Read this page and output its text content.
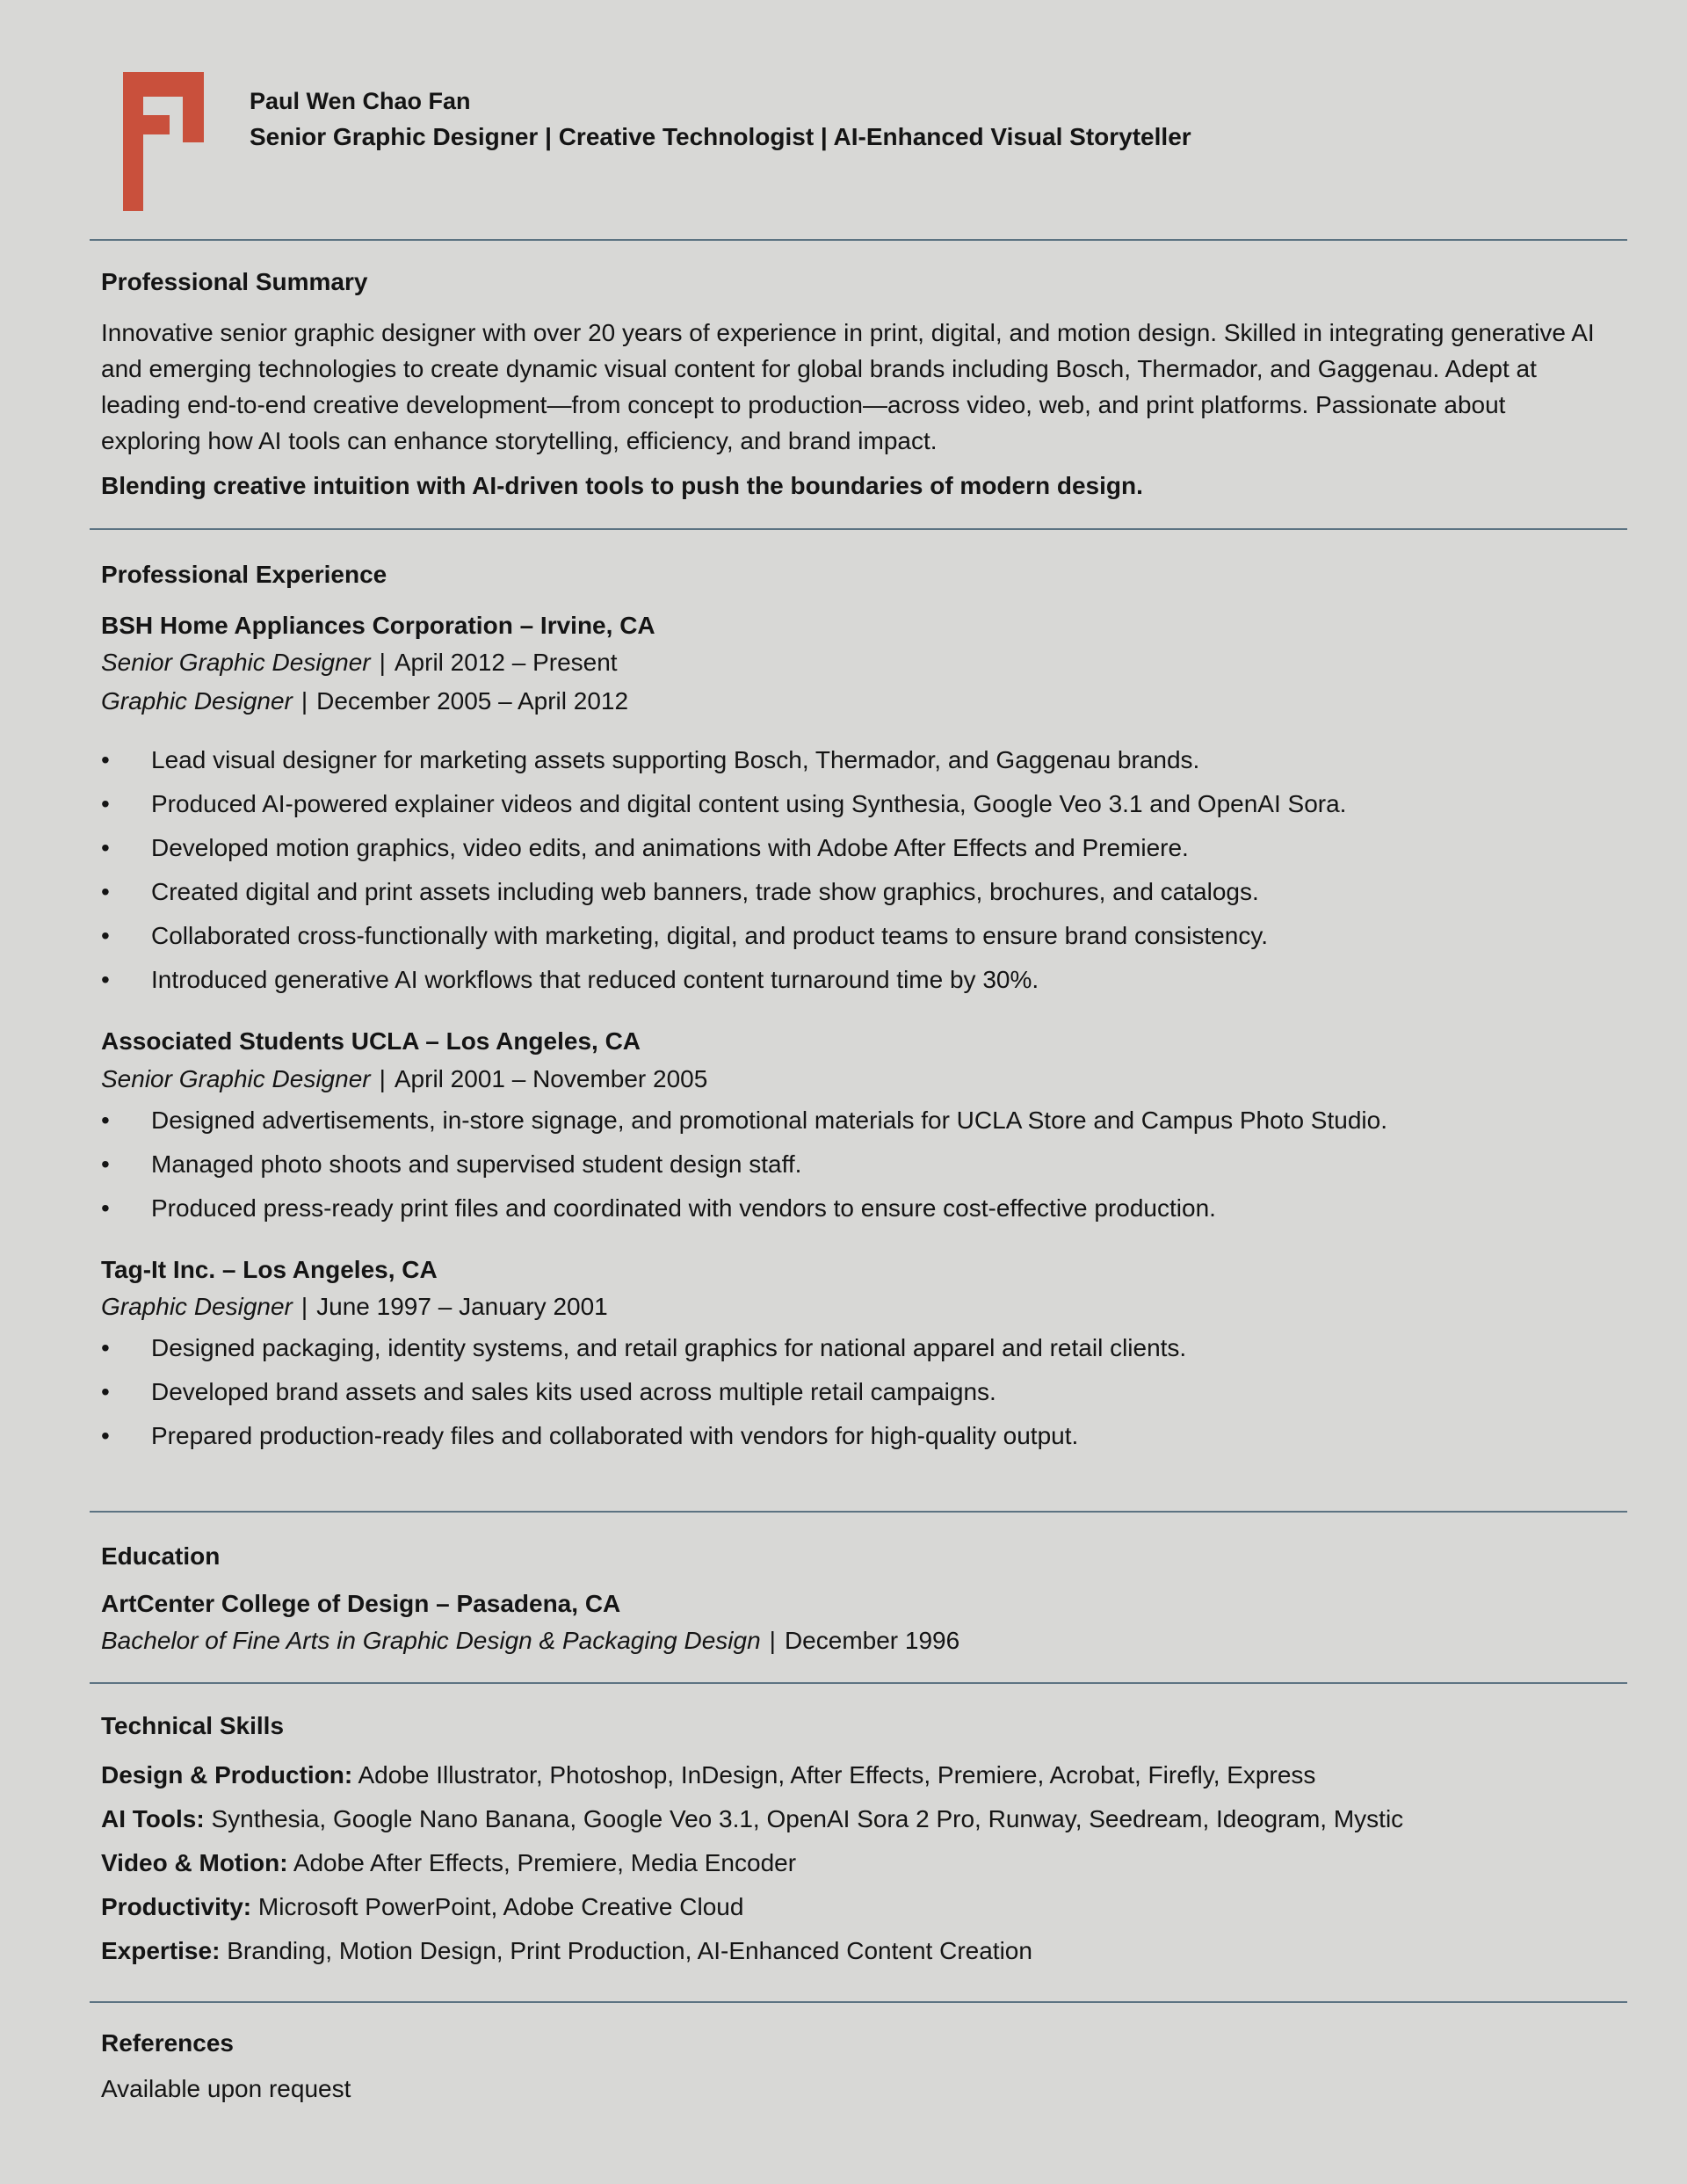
Paul Wen Chao Fan
Senior Graphic Designer | Creative Technologist | AI-Enhanced Visual Storyteller
Professional Summary

Innovative senior graphic designer with over 20 years of experience in print, digital, and motion design. Skilled in integrating generative AI and emerging technologies to create dynamic visual content for global brands including Bosch, Thermador, and Gaggenau. Adept at leading end-to-end creative development—from concept to production—across video, web, and print platforms. Passionate about exploring how AI tools can enhance storytelling, efficiency, and brand impact.

Blending creative intuition with AI-driven tools to push the boundaries of modern design.

Professional Experience

BSH Home Appliances Corporation – Irvine, CA

Senior Graphic Designer | April 2012 – Present

Graphic Designer | December 2005 – April 2012

• Lead visual designer for marketing assets supporting Bosch, Thermador, and Gaggenau brands.
• Produced AI-powered explainer videos and digital content using Synthesia, Google Veo 3.1 and OpenAI Sora.
• Developed motion graphics, video edits, and animations with Adobe After Effects and Premiere.
• Created digital and print assets including web banners, trade show graphics, brochures, and catalogs.
• Collaborated cross-functionally with marketing, digital, and product teams to ensure brand consistency.
• Introduced generative AI workflows that reduced content turnaround time by 30%.

Associated Students UCLA – Los Angeles, CA

Senior Graphic Designer | April 2001 – November 2005

• Designed advertisements, in-store signage, and promotional materials for UCLA Store and Campus Photo Studio.
• Managed photo shoots and supervised student design staff.
• Produced press-ready print files and coordinated with vendors to ensure cost-effective production.

Tag-It Inc. – Los Angeles, CA

Graphic Designer | June 1997 – January 2001

• Designed packaging, identity systems, and retail graphics for national apparel and retail clients.
• Developed brand assets and sales kits used across multiple retail campaigns.
• Prepared production-ready files and collaborated with vendors for high-quality output.
Education

ArtCenter College of Design – Pasadena, CA

Bachelor of Fine Arts in Graphic Design & Packaging Design | December 1996

Technical Skills

Design & Production: Adobe Illustrator, Photoshop, InDesign, After Effects, Premiere, Acrobat, Firefly, Express

AI Tools: Synthesia, Google Nano Banana, Google Veo 3.1, OpenAI Sora 2 Pro, Runway, Seedream, Ideogram, Mystic

Video & Motion: Adobe After Effects, Premiere, Media Encoder

Productivity: Microsoft PowerPoint, Adobe Creative Cloud

Expertise: Branding, Motion Design, Print Production, AI-Enhanced Content Creation

References

Available upon request
